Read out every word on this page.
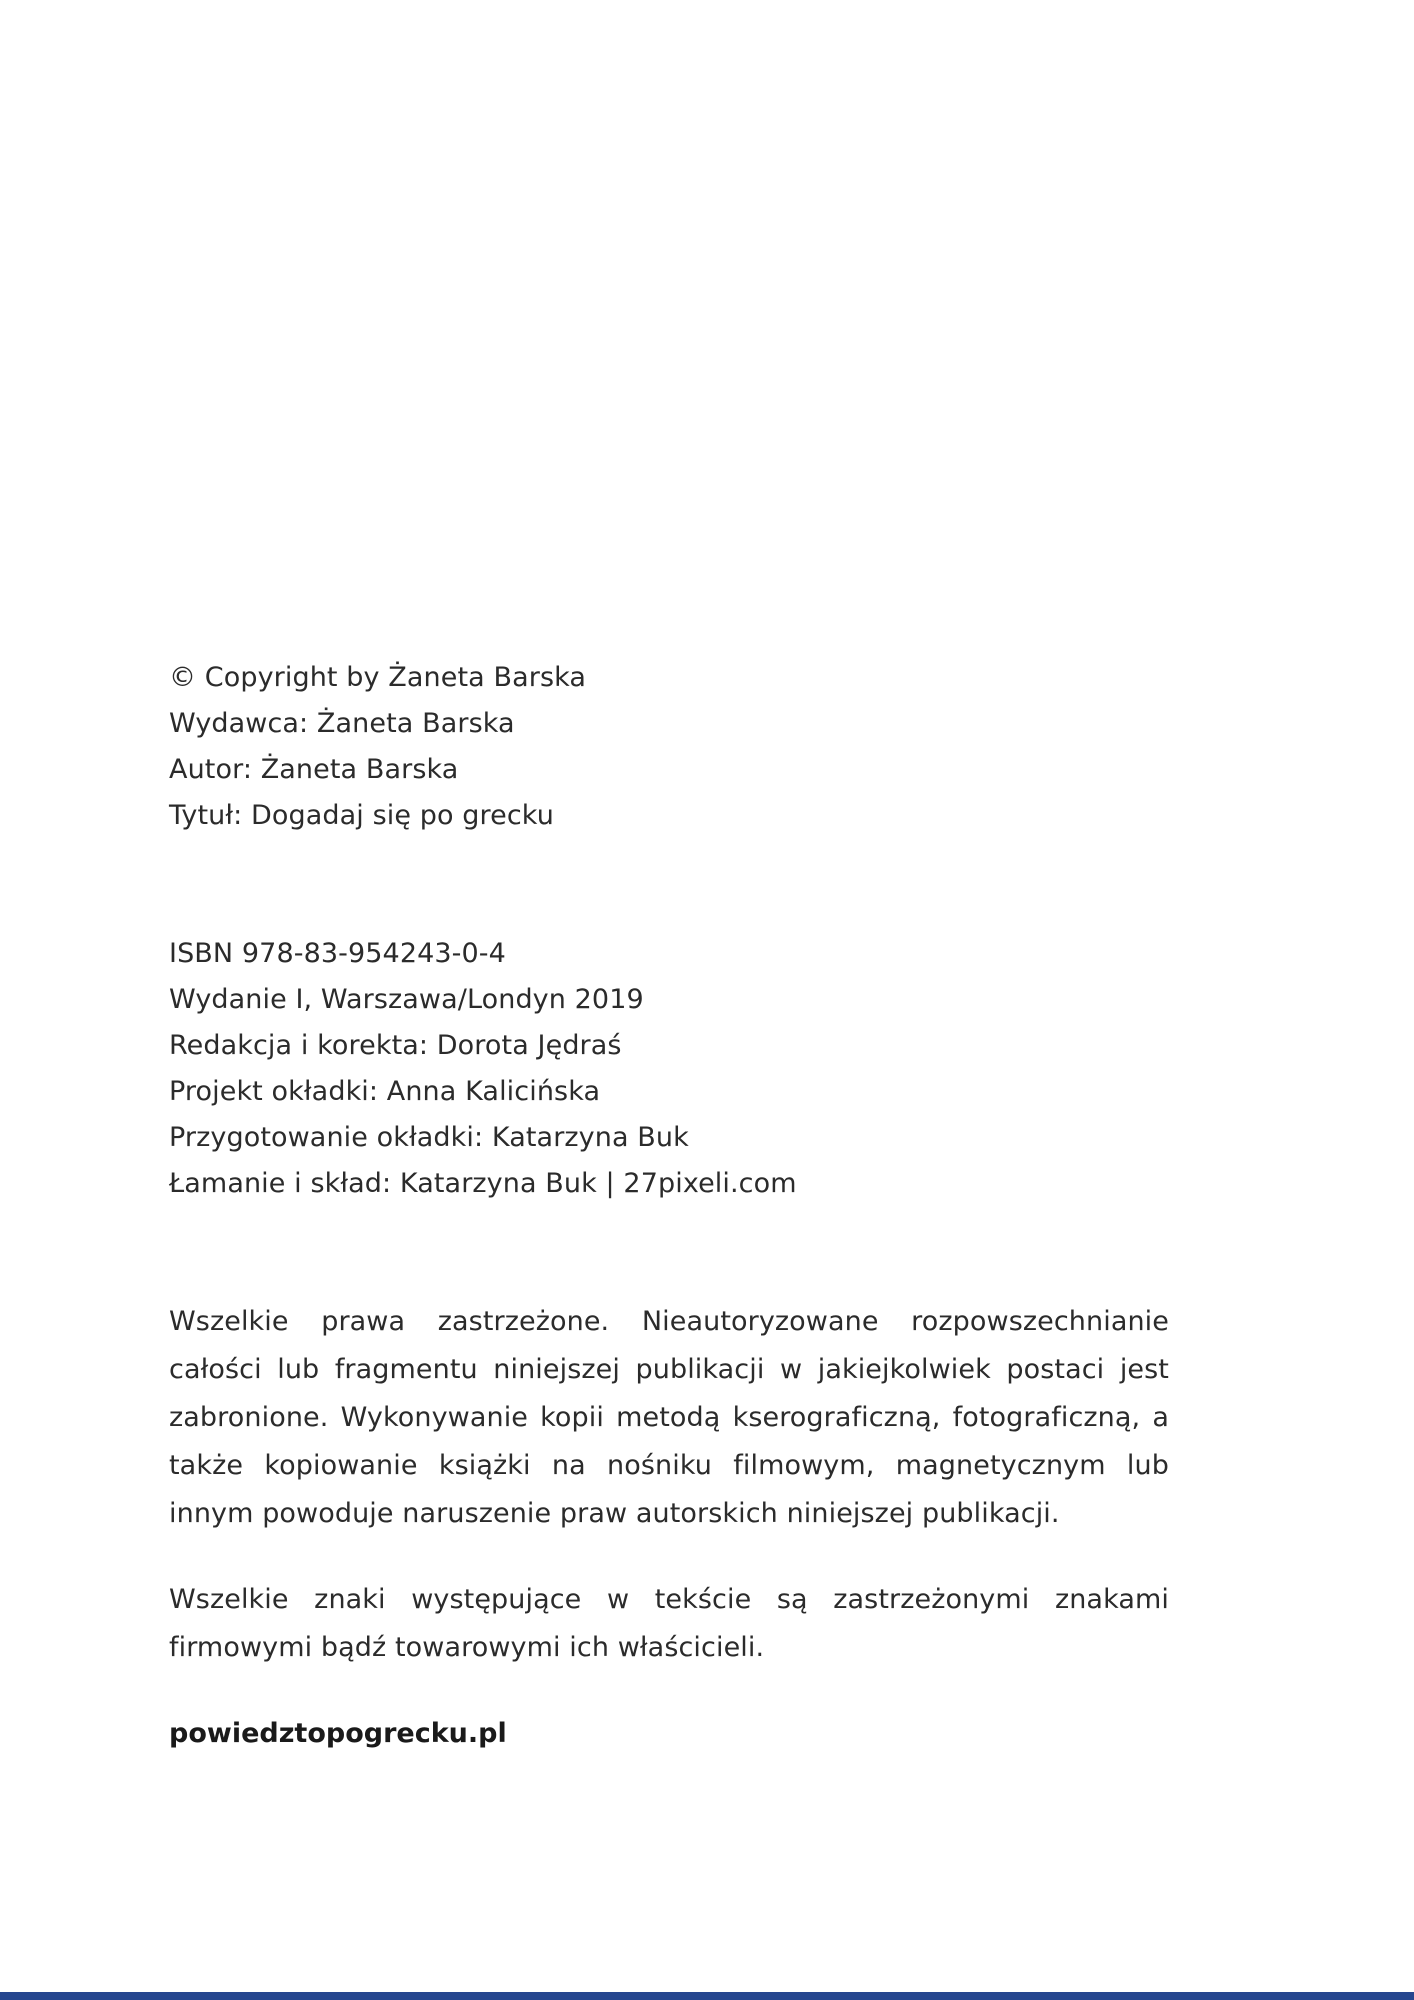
© Copyright by Żaneta Barska
Wydawca: Żaneta Barska
Autor: Żaneta Barska
Tytuł: Dogadaj się po grecku
ISBN 978-83-954243-0-4
Wydanie I, Warszawa/Londyn 2019
Redakcja i korekta: Dorota Jędraś
Projekt okładki: Anna Kalicińska
Przygotowanie okładki: Katarzyna Buk
Łamanie i skład: Katarzyna Buk | 27pixeli.com

Wszelkie prawa zastrzeżone. Nieautoryzowane rozpowszechnianie całości lub fragmentu niniejszej publikacji w jakiejkolwiek postaci jest zabronione. Wykonywanie kopii metodą kserograficzną, fotograficzną, a także kopiowanie książki na nośniku filmowym, magnetycznym lub innym powoduje naruszenie praw autorskich niniejszej publikacji.

Wszelkie znaki występujące w tekście są zastrzeżonymi znakami firmowymi bądź towarowymi ich właścicieli.

powiedztopogrecku.pl
